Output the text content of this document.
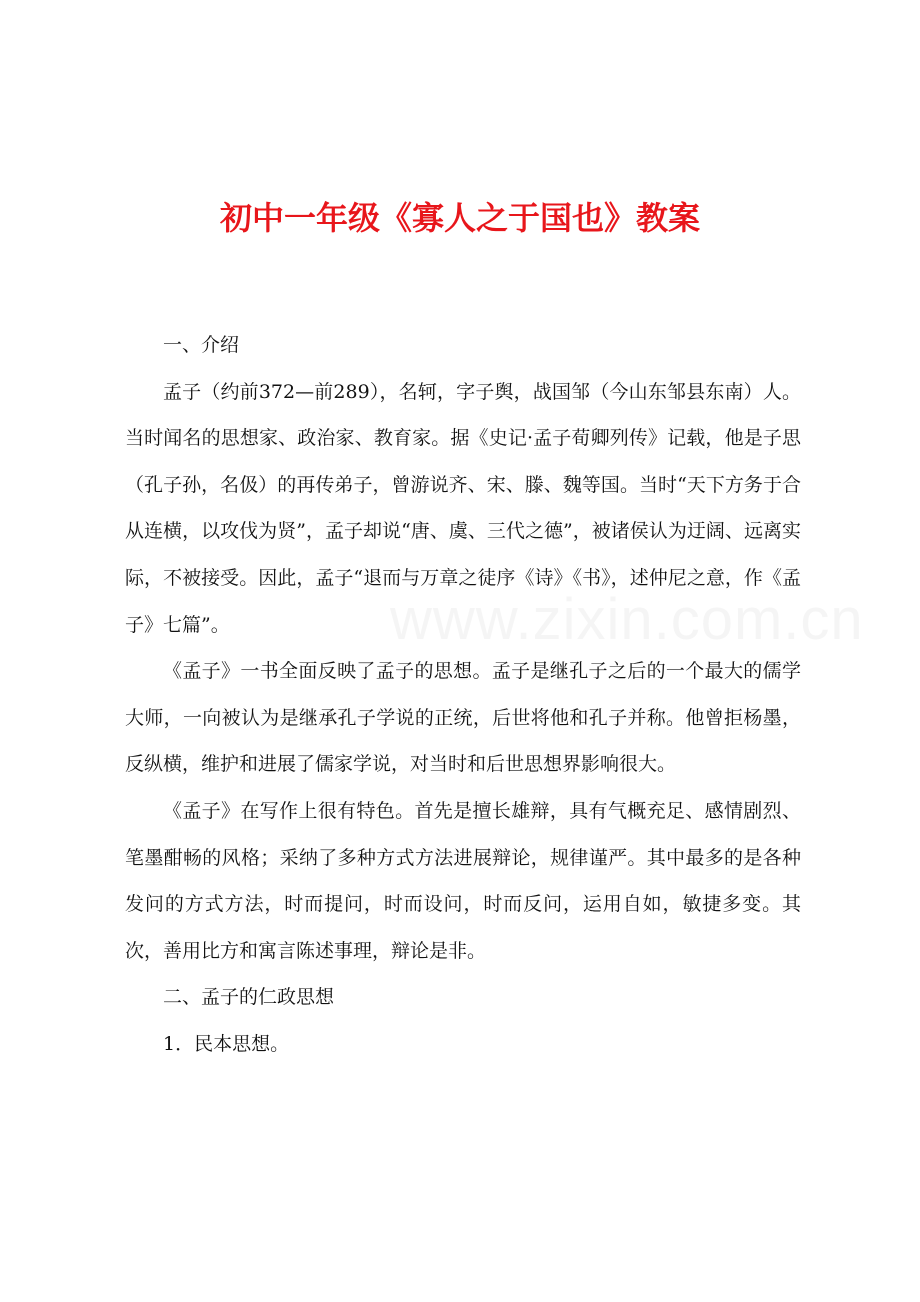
初中一年级《寡人之于国也》教案

一、介绍

孟子（约前372—前289），名轲，字子舆，战国邹（今山东邹县东南）人。当时闻名的思想家、政治家、教育家。据《史记·孟子荀卿列传》记载，他是子思（孔子孙，名伋）的再传弟子，曾游说齐、宋、滕、魏等国。当时“天下方务于合从连横，以攻伐为贤”，孟子却说“唐、虞、三代之德”，被诸侯认为迂阔、远离实际，不被接受。因此，孟子“退而与万章之徒序《诗》《书》，述仲尼之意，作《孟子》七篇”。

《孟子》一书全面反映了孟子的思想。孟子是继孔子之后的一个最大的儒学大师，一向被认为是继承孔子学说的正统，后世将他和孔子并称。他曾拒杨墨，反纵横，维护和进展了儒家学说，对当时和后世思想界影响很大。

《孟子》在写作上很有特色。首先是擅长雄辩，具有气概充足、感情剧烈、笔墨酣畅的风格；采纳了多种方式方法进展辩论，规律谨严。其中最多的是各种发问的方式方法，时而提问，时而设问，时而反问，运用自如，敏捷多变。其次，善用比方和寓言陈述事理，辩论是非。

二、孟子的仁政思想

1．民本思想。

www.zixin.com.cn
